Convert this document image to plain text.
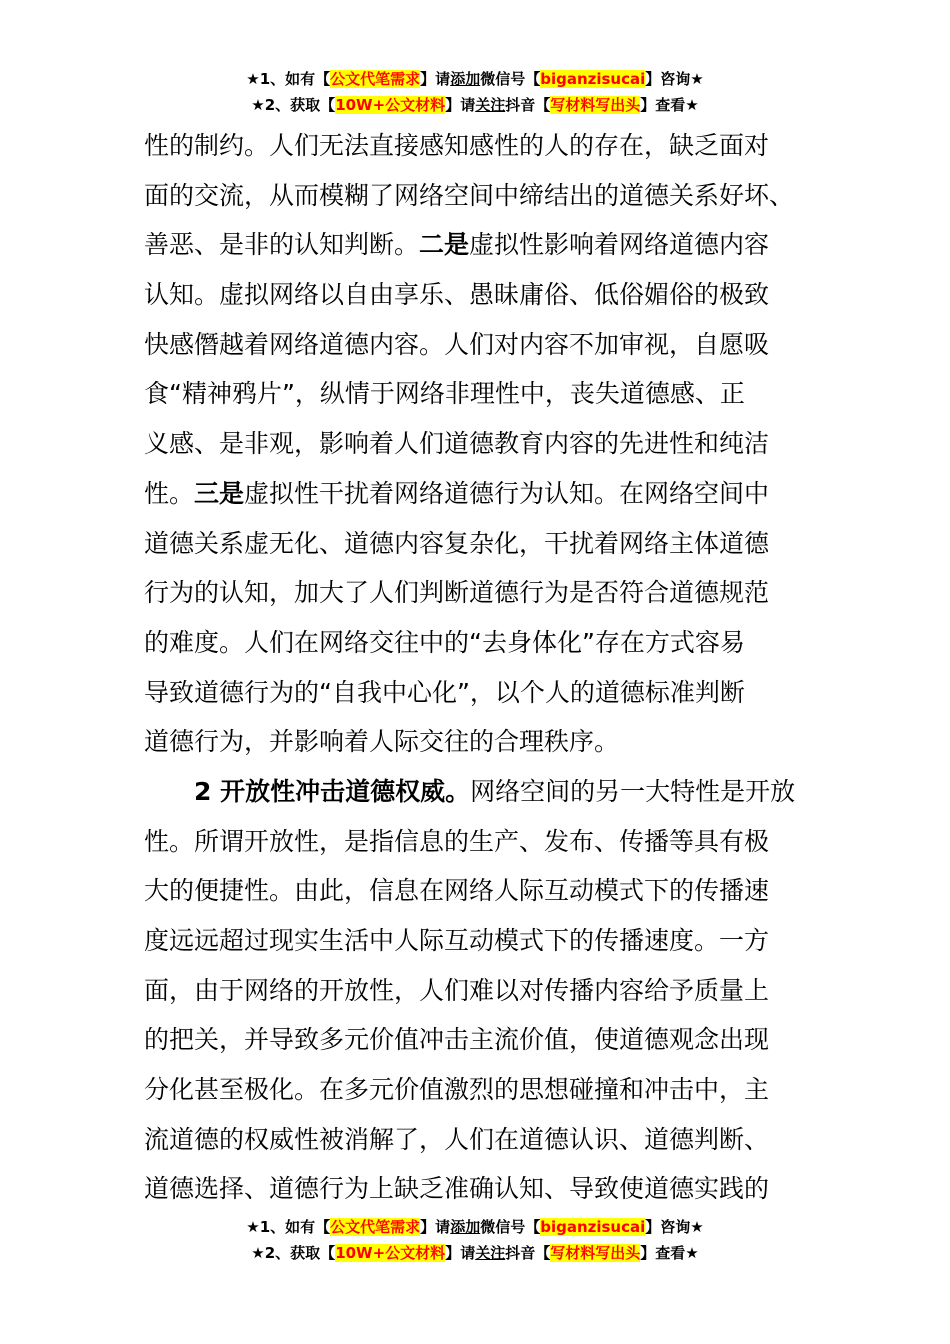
★1、如有【公文代笔需求】请添加微信号【biganzisucai】咨询★
★2、获取【10W+公文材料】请关注抖音【写材料写出头】查看★

性的制约。人们无法直接感知感性的人的存在，缺乏面对
面的交流，从而模糊了网络空间中缔结出的道德关系好坏、
善恶、是非的认知判断。二是虚拟性影响着网络道德内容
认知。虚拟网络以自由享乐、愚昧庸俗、低俗媚俗的极致
快感僭越着网络道德内容。人们对内容不加审视，自愿吸
食“精神鸦片”，纵情于网络非理性中，丧失道德感、正
义感、是非观，影响着人们道德教育内容的先进性和纯洁
性。三是虚拟性干扰着网络道德行为认知。在网络空间中
道德关系虚无化、道德内容复杂化，干扰着网络主体道德
行为的认知，加大了人们判断道德行为是否符合道德规范
的难度。人们在网络交往中的“去身体化”存在方式容易
导致道德行为的“自我中心化”，以个人的道德标准判断
道德行为，并影响着人际交往的合理秩序。

2 开放性冲击道德权威。网络空间的另一大特性是开放
性。所谓开放性，是指信息的生产、发布、传播等具有极
大的便捷性。由此，信息在网络人际互动模式下的传播速
度远远超过现实生活中人际互动模式下的传播速度。一方
面，由于网络的开放性，人们难以对传播内容给予质量上
的把关，并导致多元价值冲击主流价值，使道德观念出现
分化甚至极化。在多元价值激烈的思想碰撞和冲击中，主
流道德的权威性被消解了，人们在道德认识、道德判断、
道德选择、道德行为上缺乏准确认知、导致使道德实践的

★1、如有【公文代笔需求】请添加微信号【biganzisucai】咨询★
★2、获取【10W+公文材料】请关注抖音【写材料写出头】查看★
